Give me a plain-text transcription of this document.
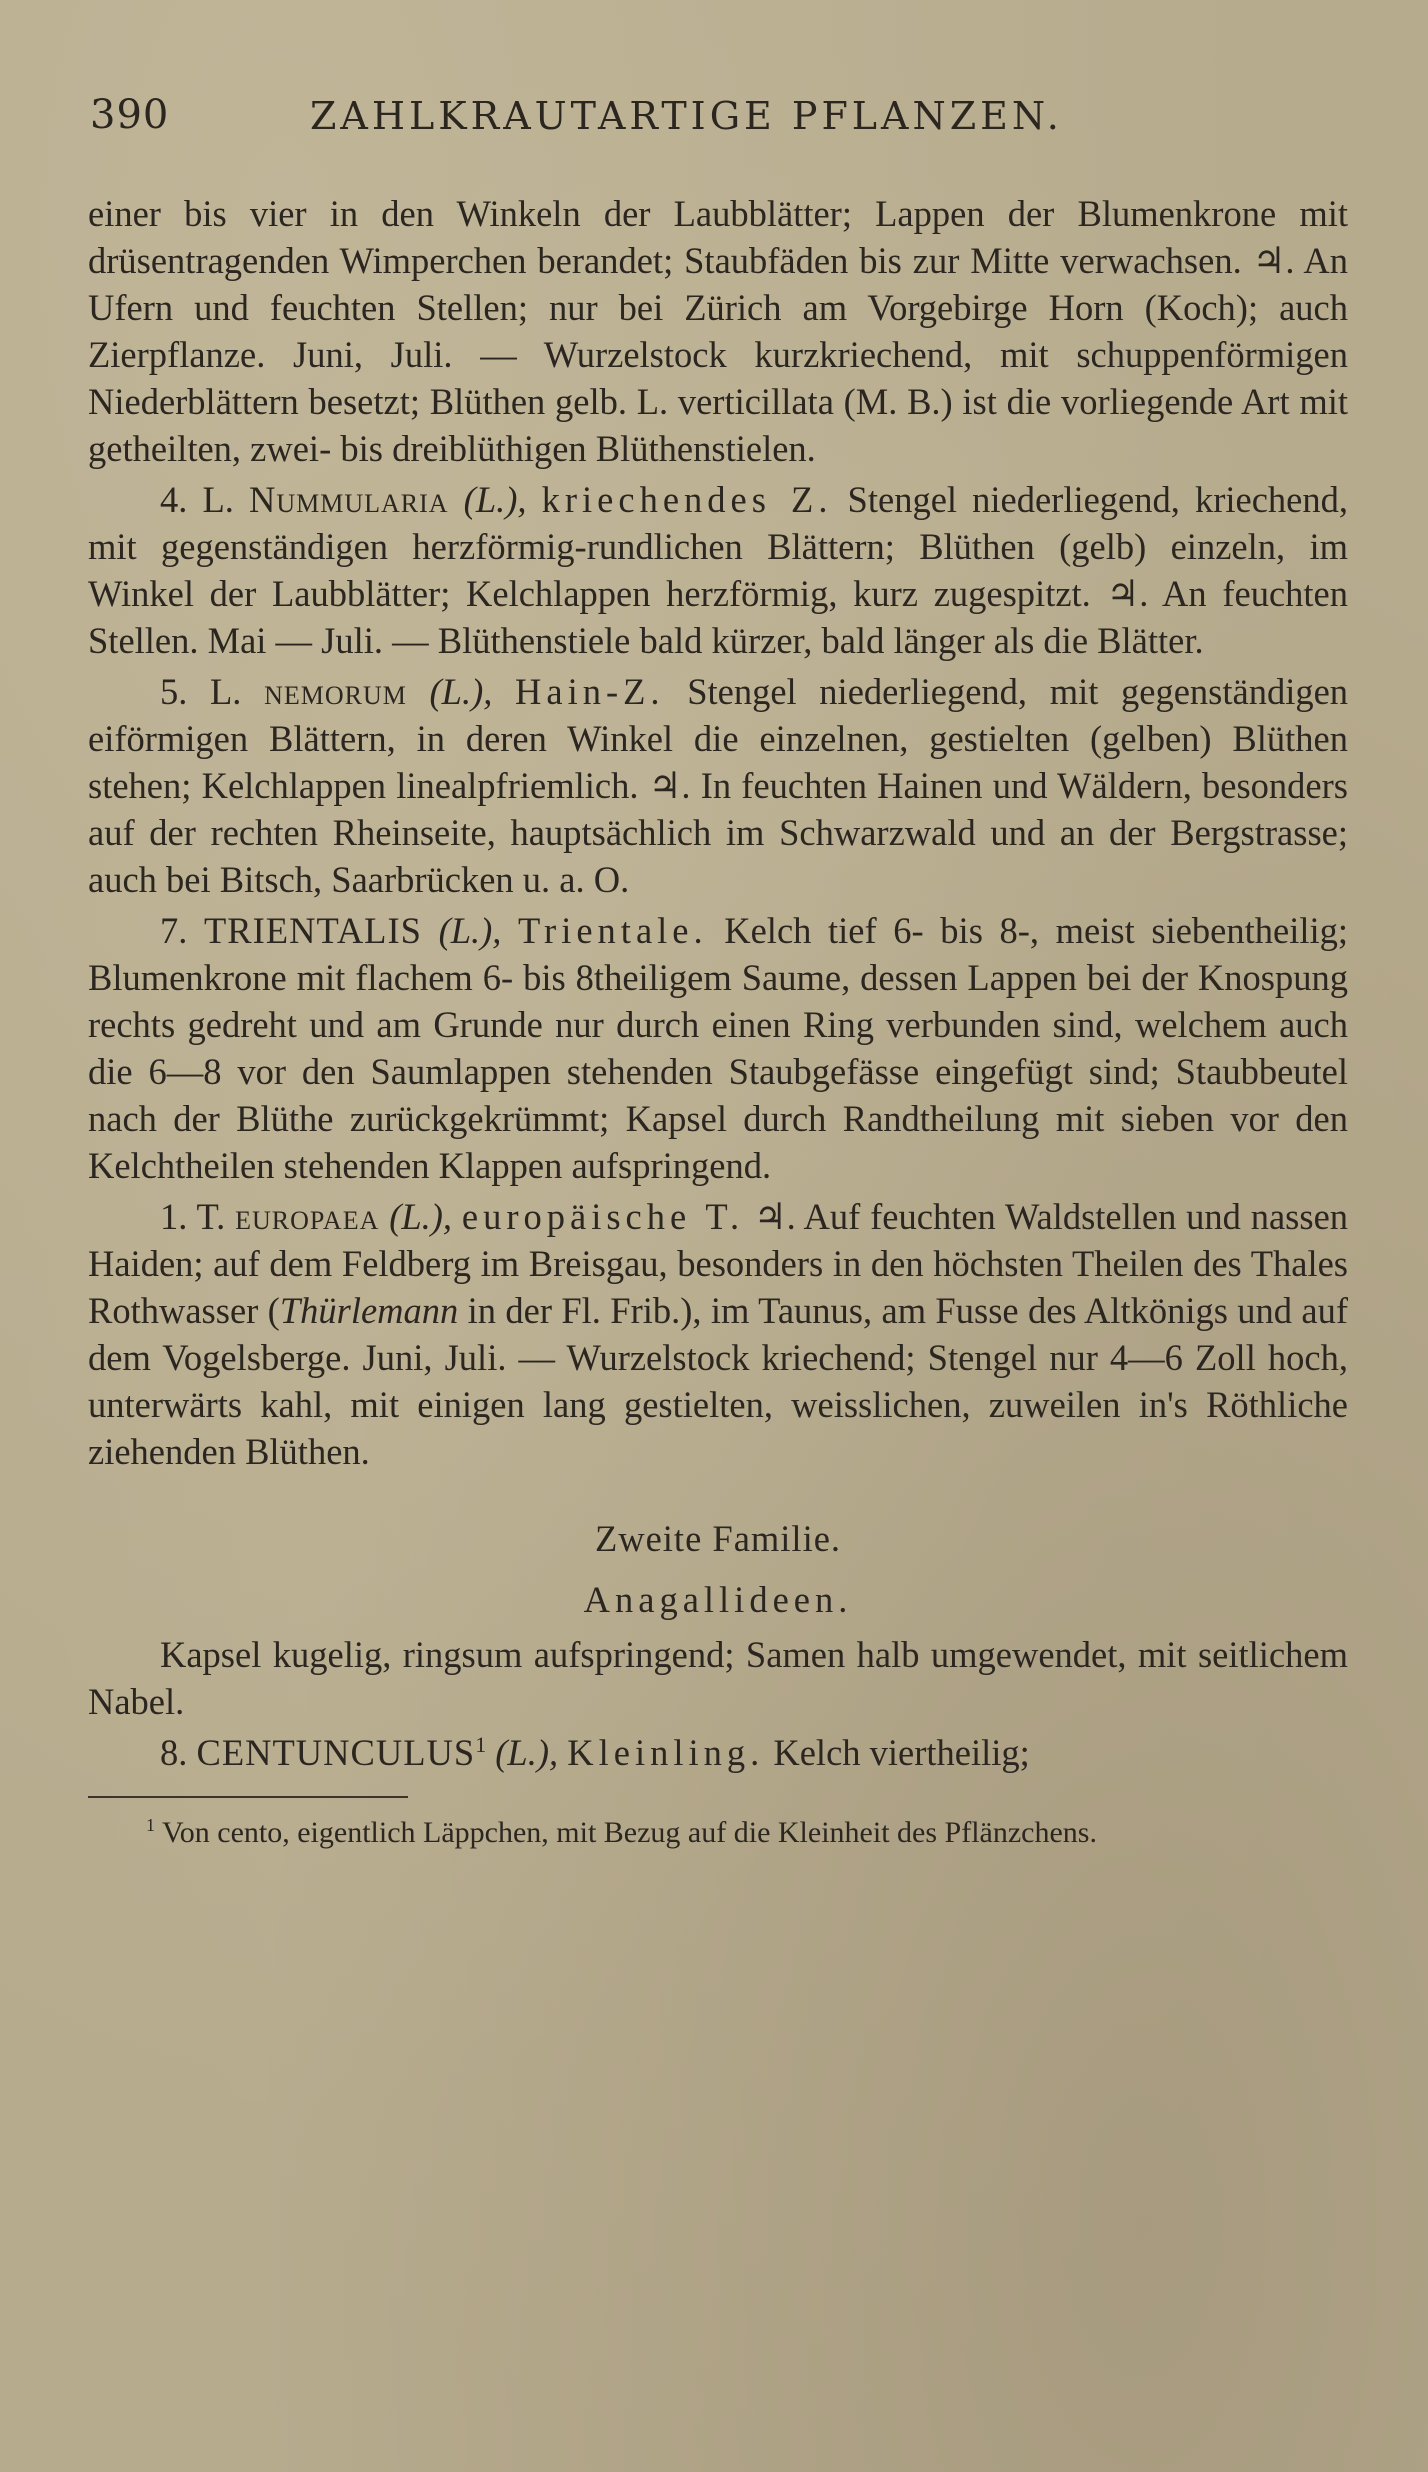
390	ZAHLKRAUTARTIGE PFLANZEN.

einer bis vier in den Winkeln der Laubblätter; Lappen der Blumenkrone mit drüsentragenden Wimperchen berandet; Staubfäden bis zur Mitte verwachsen. ♃. An Ufern und feuchten Stellen; nur bei Zürich am Vorgebirge Horn (Koch); auch Zierpflanze. Juni, Juli. — Wurzelstock kurzkriechend, mit schuppenförmigen Niederblättern besetzt; Blüthen gelb. L. verticillata (M. B.) ist die vorliegende Art mit getheilten, zwei- bis dreiblüthigen Blüthenstielen.

4. L. Nummularia (L.), kriechendes Z. Stengel niederliegend, kriechend, mit gegenständigen herzförmig-rundlichen Blättern; Blüthen (gelb) einzeln, im Winkel der Laubblätter; Kelchlappen herzförmig, kurz zugespitzt. ♃. An feuchten Stellen. Mai — Juli. — Blüthenstiele bald kürzer, bald länger als die Blätter.

5. L. nemorum (L.), Hain-Z. Stengel niederliegend, mit gegenständigen eiförmigen Blättern, in deren Winkel die einzelnen, gestielten (gelben) Blüthen stehen; Kelchlappen linealpfriemlich. ♃. In feuchten Hainen und Wäldern, besonders auf der rechten Rheinseite, hauptsächlich im Schwarzwald und an der Bergstrasse; auch bei Bitsch, Saarbrücken u. a. O.

7. TRIENTALIS (L.), Trientale. Kelch tief 6- bis 8-, meist siebentheilig; Blumenkrone mit flachem 6- bis 8theiligem Saume, dessen Lappen bei der Knospung rechts gedreht und am Grunde nur durch einen Ring verbunden sind, welchem auch die 6—8 vor den Saumlappen stehenden Staubgefässe eingefügt sind; Staubbeutel nach der Blüthe zurückgekrümmt; Kapsel durch Randtheilung mit sieben vor den Kelchtheilen stehenden Klappen aufspringend.

1. T. europaea (L.), europäische T. ♃. Auf feuchten Waldstellen und nassen Haiden; auf dem Feldberg im Breisgau, besonders in den höchsten Theilen des Thales Rothwasser (Thürlemann in der Fl. Frib.), im Taunus, am Fusse des Altkönigs und auf dem Vogelsberge. Juni, Juli. — Wurzelstock kriechend; Stengel nur 4—6 Zoll hoch, unterwärts kahl, mit einigen lang gestielten, weisslichen, zuweilen in's Röthliche ziehenden Blüthen.

Zweite Familie.

Anagallideen.

Kapsel kugelig, ringsum aufspringend; Samen halb umgewendet, mit seitlichem Nabel.

8. CENTUNCULUS$^1$ (L.), Kleinling. Kelch viertheilig;

$^1$ Von cento, eigentlich Läppchen, mit Bezug auf die Kleinheit des Pflänzchens.
